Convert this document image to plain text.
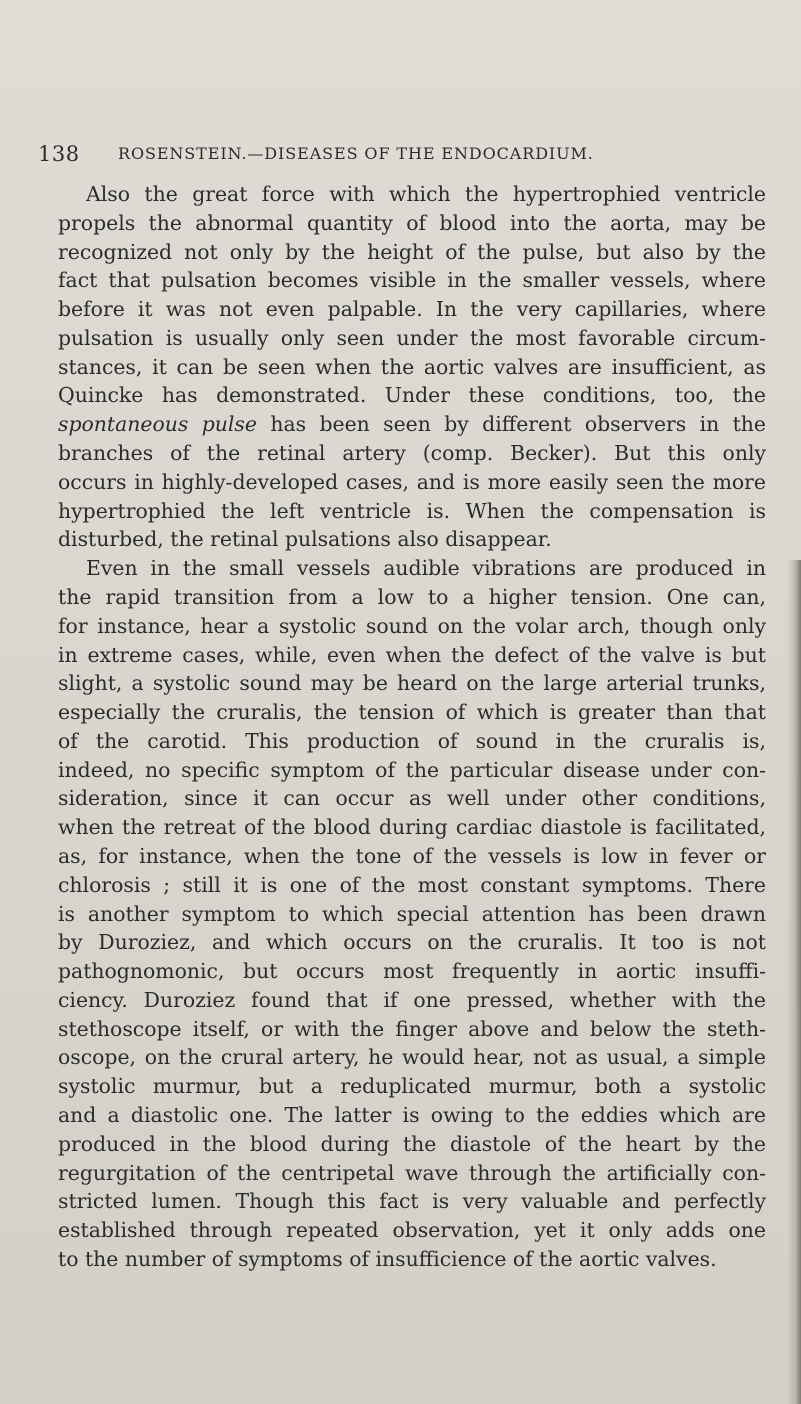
138 ROSENSTEIN.—DISEASES OF THE ENDOCARDIUM.
Also the great force with which the hypertrophied ventricle
propels the abnormal quantity of blood into the aorta, may be
recognized not only by the height of the pulse, but also by the
fact that pulsation becomes visible in the smaller vessels, where
before it was not even palpable. In the very capillaries, where
pulsation is usually only seen under the most favorable circum-
stances, it can be seen when the aortic valves are insufficient, as
Quincke has demonstrated. Under these conditions, too, the
spontaneous pulse has been seen by different observers in the
branches of the retinal artery (comp. Becker). But this only
occurs in highly-developed cases, and is more easily seen the more
hypertrophied the left ventricle is. When the compensation is
disturbed, the retinal pulsations also disappear.
Even in the small vessels audible vibrations are produced in
the rapid transition from a low to a higher tension. One can,
for instance, hear a systolic sound on the volar arch, though only
in extreme cases, while, even when the defect of the valve is but
slight, a systolic sound may be heard on the large arterial trunks,
especially the cruralis, the tension of which is greater than that
of the carotid. This production of sound in the cruralis is,
indeed, no specific symptom of the particular disease under con-
sideration, since it can occur as well under other conditions,
when the retreat of the blood during cardiac diastole is facilitated,
as, for instance, when the tone of the vessels is low in fever or
chlorosis ; still it is one of the most constant symptoms. There
is another symptom to which special attention has been drawn
by Duroziez, and which occurs on the cruralis. It too is not
pathognomonic, but occurs most frequently in aortic insuffi-
ciency. Duroziez found that if one pressed, whether with the
stethoscope itself, or with the finger above and below the steth-
oscope, on the crural artery, he would hear, not as usual, a simple
systolic murmur, but a reduplicated murmur, both a systolic
and a diastolic one. The latter is owing to the eddies which are
produced in the blood during the diastole of the heart by the
regurgitation of the centripetal wave through the artificially con-
stricted lumen. Though this fact is very valuable and perfectly
established through repeated observation, yet it only adds one
to the number of symptoms of insufficience of the aortic valves.
